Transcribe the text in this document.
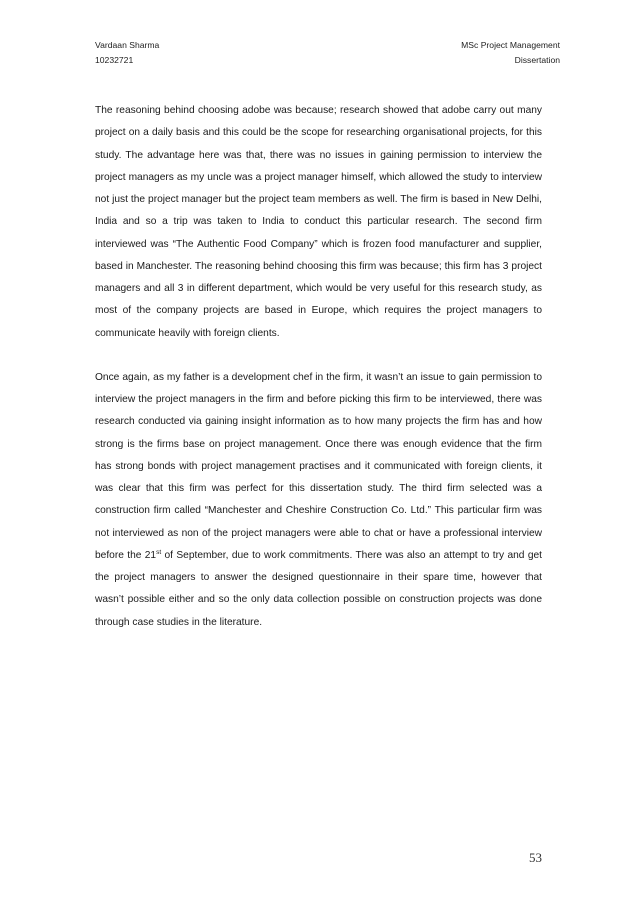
Vardaan Sharma
10232721
MSc Project Management
Dissertation

The reasoning behind choosing adobe was because; research showed that adobe carry out many project on a daily basis and this could be the scope for researching organisational projects, for this study. The advantage here was that, there was no issues in gaining permission to interview the project managers as my uncle was a project manager himself, which allowed the study to interview not just the project manager but the project team members as well. The firm is based in New Delhi, India and so a trip was taken to India to conduct this particular research. The second firm interviewed was “The Authentic Food Company” which is frozen food manufacturer and supplier, based in Manchester. The reasoning behind choosing this firm was because; this firm has 3 project managers and all 3 in different department, which would be very useful for this research study, as most of the company projects are based in Europe, which requires the project managers to communicate heavily with foreign clients.

Once again, as my father is a development chef in the firm, it wasn’t an issue to gain permission to interview the project managers in the firm and before picking this firm to be interviewed, there was research conducted via gaining insight information as to how many projects the firm has and how strong is the firms base on project management. Once there was enough evidence that the firm has strong bonds with project management practises and it communicated with foreign clients, it was clear that this firm was perfect for this dissertation study. The third firm selected was a construction firm called “Manchester and Cheshire Construction Co. Ltd.” This particular firm was not interviewed as non of the project managers were able to chat or have a professional interview before the 21st of September, due to work commitments. There was also an attempt to try and get the project managers to answer the designed questionnaire in their spare time, however that wasn’t possible either and so the only data collection possible on construction projects was done through case studies in the literature.

53
